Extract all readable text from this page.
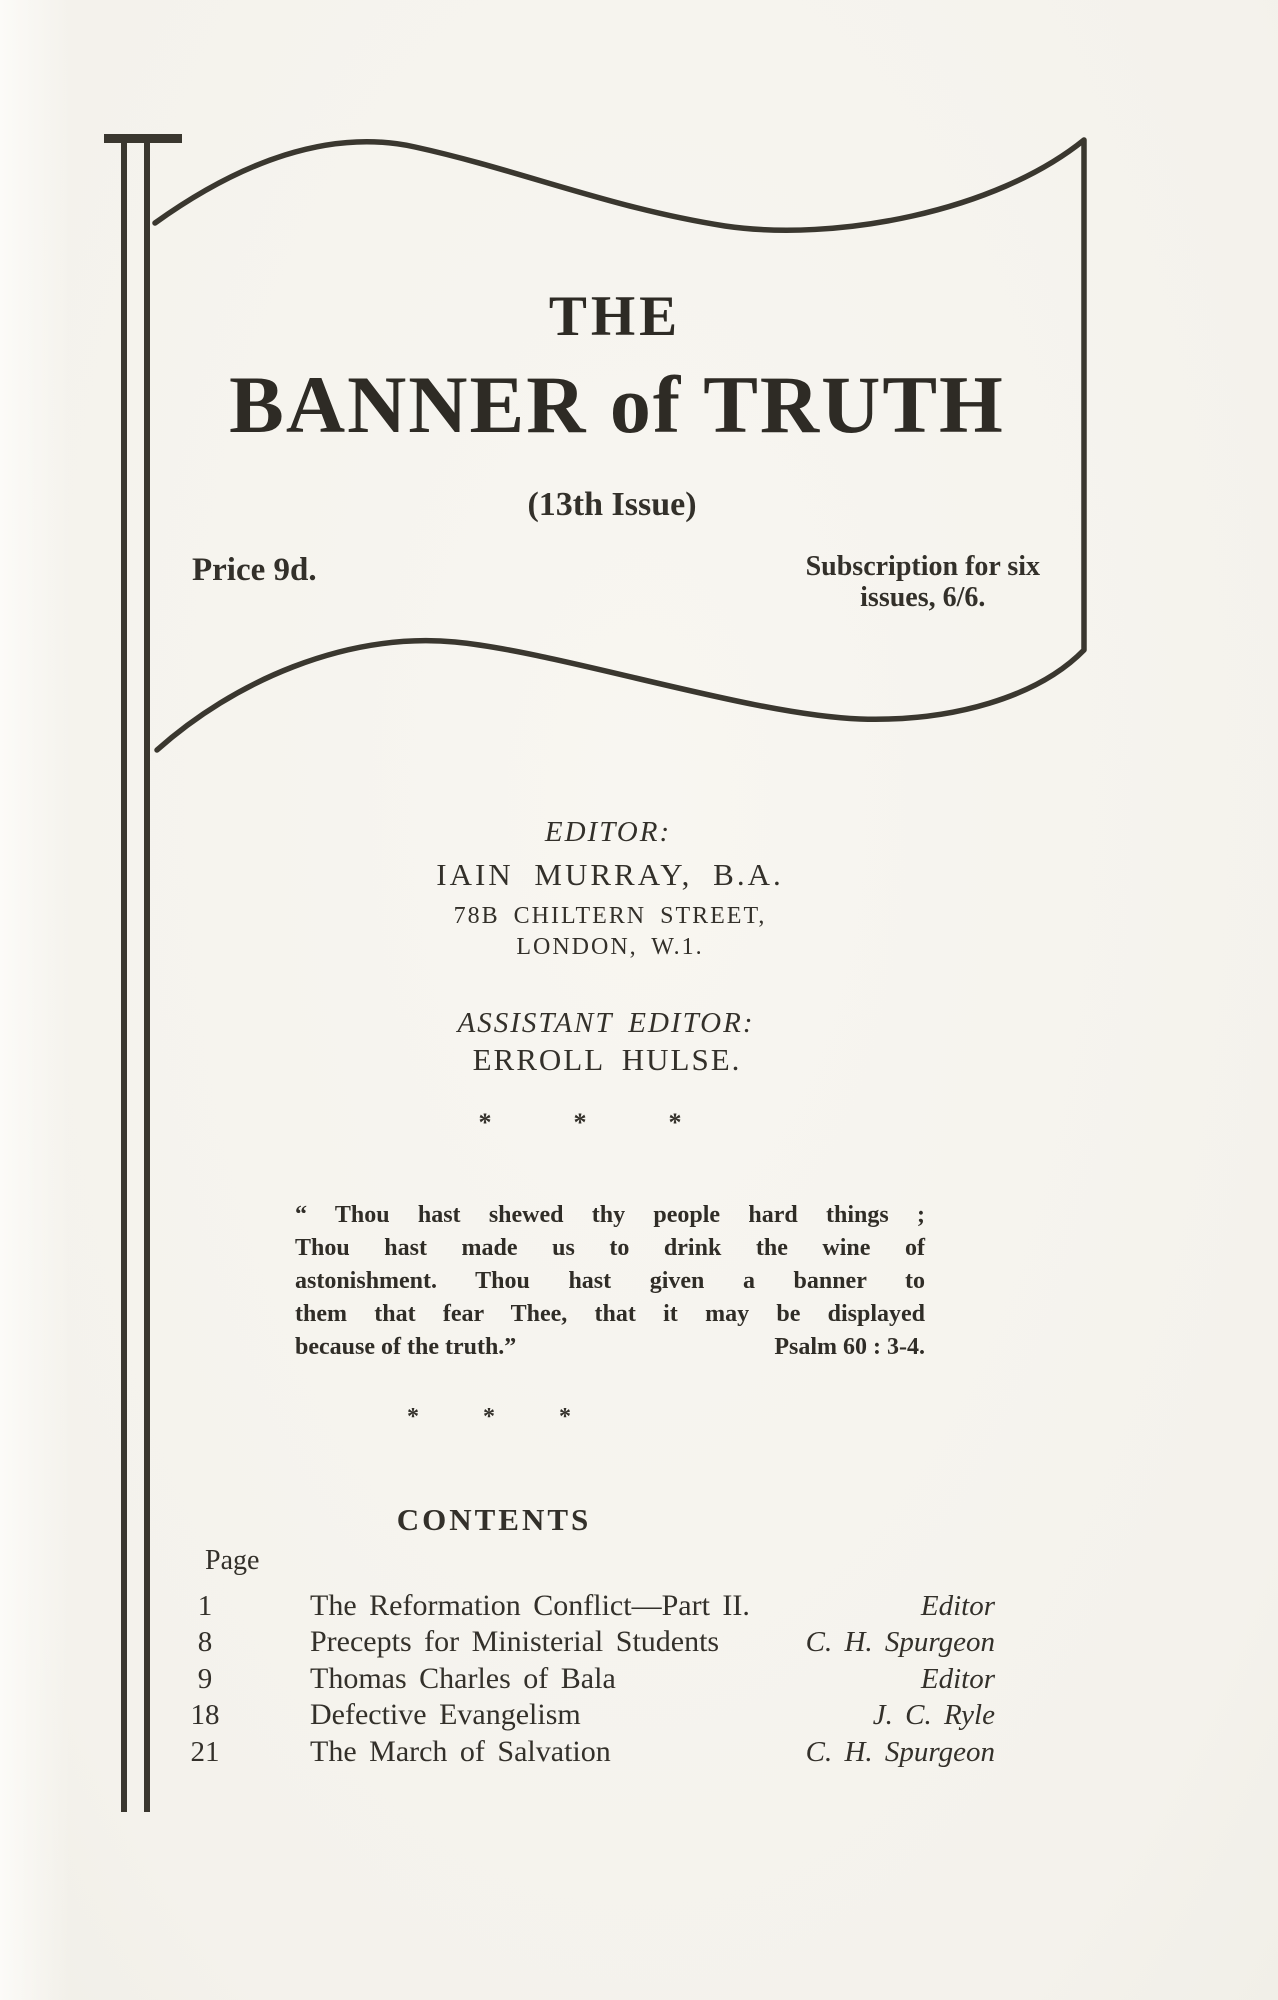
THE
BANNER of TRUTH
(13th Issue)
Price 9d.	Subscription for six
issues, 6/6.
EDITOR:
IAIN MURRAY, B.A.
78B CHILTERN STREET,
LONDON, W.1.
ASSISTANT EDITOR:
ERROLL HULSE.
*	*	*
*	*	*
“ Thou hast shewed thy people hard things ;
Thou hast made us to drink the wine of
astonishment. Thou hast given a banner to
them that fear Thee, that it may be displayed
because of the truth.”	Psalm 60 : 3-4.
CONTENTS
Page
1	The Reformation Conflict—Part II.	Editor
8	Precepts for Ministerial Students	C. H. Spurgeon
9	Thomas Charles of Bala	Editor
18	Defective Evangelism	J. C. Ryle
21	The March of Salvation	C. H. Spurgeon
